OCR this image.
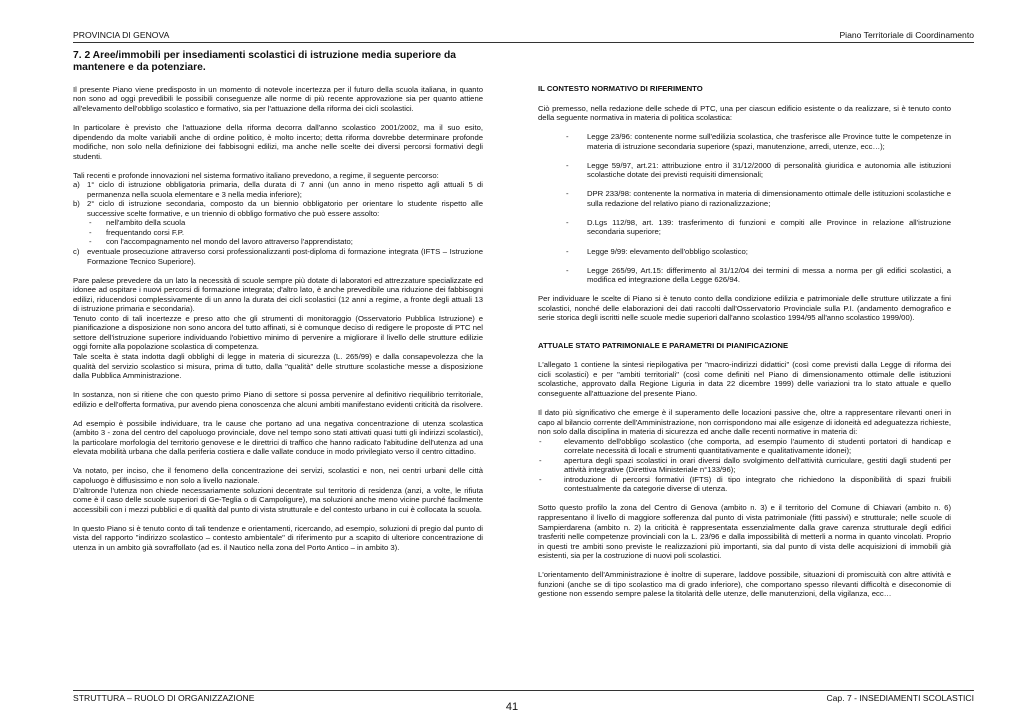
PROVINCIA DI GENOVA	Piano Territoriale di Coordinamento
7. 2 Aree/immobili per insediamenti scolastici di istruzione media superiore da mantenere e da potenziare.

Il presente Piano viene predisposto in un momento di notevole incertezza per il futuro della scuola italiana, in quanto non sono ad oggi prevedibili le possibili conseguenze alle norme di più recente approvazione sia per quanto attiene all'elevamento dell'obbligo scolastico e formativo, sia per l'attuazione della riforma dei cicli scolastici.

In particolare è previsto che l'attuazione della riforma decorra dall'anno scolastico 2001/2002, ma il suo esito, dipendendo da molte variabili anche di ordine politico, è molto incerto; detta riforma dovrebbe determinare profonde modifiche, non solo nella definizione dei fabbisogni edilizi, ma anche nelle scelte dei diversi percorsi formativi degli studenti.

Tali recenti e profonde innovazioni nel sistema formativo italiano prevedono, a regime, il seguente percorso:

a) 1° ciclo di istruzione obbligatoria primaria, della durata di 7 anni (un anno in meno rispetto agli attuali 5 di permanenza nella scuola elementare e 3 nella media inferiore);
b) 2° ciclo di istruzione secondaria, composto da un biennio obbligatorio per orientare lo studente rispetto alle successive scelte formative, e un triennio di obbligo formativo che può essere assolto:
- nell'ambito della scuola
- frequentando corsi F.P.
- con l'accompagnamento nel mondo del lavoro attraverso l'apprendistato;
c) eventuale prosecuzione attraverso corsi professionalizzanti post-diploma di formazione integrata (IFTS – Istruzione Formazione Tecnico Superiore).

Pare palese prevedere da un lato la necessità di scuole sempre più dotate di laboratori ed attrezzature specializzate ed idonee ad ospitare i nuovi percorsi di formazione integrata; d'altro lato, è anche prevedibile una riduzione dei fabbisogni edilizi, riducendosi complessivamente di un anno la durata dei cicli scolastici (12 anni a regime, a fronte degli attuali 13 di istruzione primaria e secondaria).

Tenuto conto di tali incertezze e preso atto che gli strumenti di monitoraggio (Osservatorio Pubblica Istruzione) e pianificazione a disposizione non sono ancora del tutto affinati, si è comunque deciso di redigere le proposte di PTC nel settore dell'istruzione superiore individuando l'obiettivo minimo di pervenire a migliorare il livello delle strutture edilizie oggi fornite alla popolazione scolastica di competenza.

Tale scelta è stata indotta dagli obblighi di legge in materia di sicurezza (L. 265/99) e dalla consapevolezza che la qualità del servizio scolastico si misura, prima di tutto, dalla "qualità" delle strutture scolastiche messe a disposizione dalla Pubblica Amministrazione.

In sostanza, non si ritiene che con questo primo Piano di settore si possa pervenire al definitivo riequilibrio territoriale, edilizio e dell'offerta formativa, pur avendo piena conoscenza che alcuni ambiti manifestano evidenti criticità da risolvere.

Ad esempio è possibile individuare, tra le cause che portano ad una negativa concentrazione di utenza scolastica (ambito 3 - zona del centro del capoluogo provinciale, dove nel tempo sono stati attivati quasi tutti gli indirizzi scolastici), la particolare morfologia del territorio genovese e le direttrici di traffico che hanno radicato l'abitudine dell'utenza ad una elevata mobilità urbana che dalla periferia costiera e dalle vallate conduce in modo privilegiato verso il centro cittadino.

Va notato, per inciso, che il fenomeno della concentrazione dei servizi, scolastici e non, nei centri urbani delle città capoluogo è diffusissimo e non solo a livello nazionale.

D'altronde l'utenza non chiede necessariamente soluzioni decentrate sul territorio di residenza (anzi, a volte, le rifiuta come è il caso delle scuole superiori di Ge-Teglia o di Campoligure), ma soluzioni anche meno vicine purché facilmente accessibili con i mezzi pubblici e di qualità dal punto di vista strutturale e del contesto urbano in cui è collocata la scuola.

In questo Piano si è tenuto conto di tali tendenze e orientamenti, ricercando, ad esempio, soluzioni di pregio dal punto di vista del rapporto "indirizzo scolastico – contesto ambientale" di riferimento pur a scapito di ulteriore concentrazione di utenza in un ambito già sovraffollato (ad es. il Nautico nella zona del Porto Antico – in ambito 3).

IL CONTESTO NORMATIVO DI RIFERIMENTO

Ciò premesso, nella redazione delle schede di PTC, una per ciascun edificio esistente o da realizzare, si è tenuto conto della seguente normativa in materia di politica scolastica:

- Legge 23/96: contenente norme sull'edilizia scolastica, che trasferisce alle Province tutte le competenze in materia di istruzione secondaria superiore (spazi, manutenzione, arredi, utenze, ecc…);
- Legge 59/97, art.21: attribuzione entro il 31/12/2000 di personalità giuridica e autonomia alle istituzioni scolastiche dotate dei previsti requisiti dimensionali;
- DPR 233/98: contenente la normativa in materia di dimensionamento ottimale delle istituzioni scolastiche e sulla redazione del relativo piano di razionalizzazione;
- D.Lgs 112/98, art. 139: trasferimento di funzioni e compiti alle Province in relazione all'istruzione secondaria superiore;
- Legge 9/99: elevamento dell'obbligo scolastico;
- Legge 265/99, Art.15: differimento al 31/12/04 dei termini di messa a norma per gli edifici scolastici, a modifica ed integrazione della Legge 626/94.

Per individuare le scelte di Piano si è tenuto conto della condizione edilizia e patrimoniale delle strutture utilizzate a fini scolastici, nonché delle elaborazioni dei dati raccolti dall'Osservatorio Provinciale sulla P.I. (andamento demografico e serie storica degli iscritti nelle scuole medie superiori dall'anno scolastico 1994/95 all'anno scolastico 1999/00).

ATTUALE STATO PATRIMONIALE E PARAMETRI DI PIANIFICAZIONE

L'allegato 1 contiene la sintesi riepilogativa per "macro-indirizzi didattici" (così come previsti dalla Legge di riforma dei cicli scolastici) e per "ambiti territoriali" (così come definiti nel Piano di dimensionamento ottimale delle istituzioni scolastiche, approvato dalla Regione Liguria in data 22 dicembre 1999) delle variazioni tra lo stato attuale e quello conseguente all'attuazione del presente Piano.

Il dato più significativo che emerge è il superamento delle locazioni passive che, oltre a rappresentare rilevanti oneri in capo al bilancio corrente dell'Amministrazione, non corrispondono mai alle esigenze di idoneità ed adeguatezza richieste, non solo dalla disciplina in materia di sicurezza ed anche dalle recenti normative in materia di:

-	elevamento dell'obbligo scolastico (che comporta, ad esempio l'aumento di studenti portatori di handicap e correlate necessità di locali e strumenti quantitativamente e qualitativamente idonei);
-	apertura degli spazi scolastici in orari diversi dallo svolgimento dell'attività curriculare, gestiti dagli studenti per attività integrative (Direttiva Ministeriale n°133/96);
-	introduzione di percorsi formativi (IFTS) di tipo integrato che richiedono la disponibilità di spazi fruibili contestualmente da categorie diverse di utenza.

Sotto questo profilo la zona del Centro di Genova (ambito n. 3) e il territorio del Comune di Chiavari (ambito n. 6) rappresentano il livello di maggiore sofferenza dal punto di vista patrimoniale (fitti passivi) e strutturale; nelle scuole di Sampierdarena (ambito n. 2) la criticità è rappresentata essenzialmente dalla grave carenza strutturale degli edifici trasferiti nelle competenze provinciali con la L. 23/96 e dalla impossibilità di metterli a norma in quanto vincolati. Proprio in questi tre ambiti sono previste le realizzazioni più importanti, sia dal punto di vista delle acquisizioni di immobili già esistenti, sia per la costruzione di nuovi poli scolastici.

L'orientamento dell'Amministrazione è inoltre di superare, laddove possibile, situazioni di promiscuità con altre attività e funzioni (anche se di tipo scolastico ma di grado inferiore), che comportano spesso rilevanti difficoltà e diseconomie di gestione non essendo sempre palese la titolarità delle utenze, delle manutenzioni, della vigilanza, ecc…

STRUTTURA – RUOLO DI ORGANIZZAZIONE	Cap. 7 - INSEDIAMENTI SCOLASTICI
41
